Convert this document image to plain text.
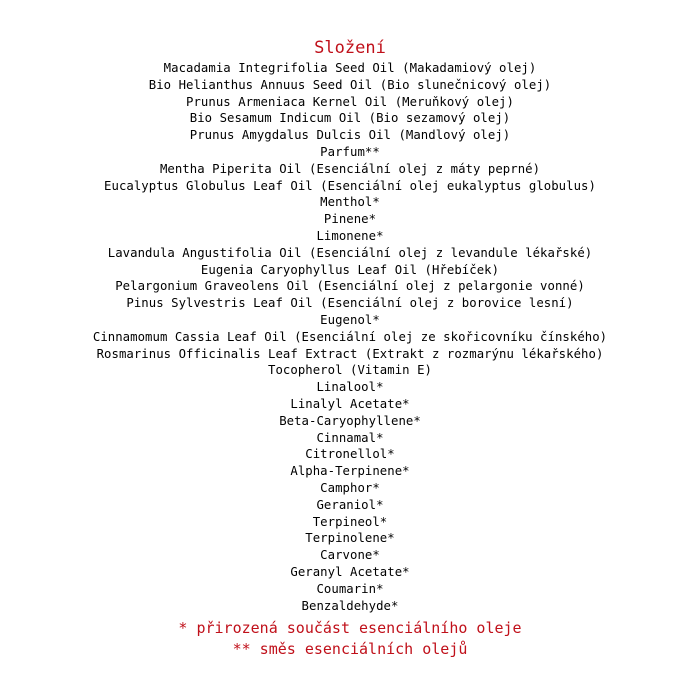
Složení
Macadamia Integrifolia Seed Oil (Makadamiový olej)
Bio Helianthus Annuus Seed Oil (Bio slunečnicový olej)
Prunus Armeniaca Kernel Oil (Meruňkový olej)
Bio Sesamum Indicum Oil (Bio sezamový olej)
Prunus Amygdalus Dulcis Oil (Mandlový olej)
Parfum**
Mentha Piperita Oil (Esenciální olej z máty peprné)
Eucalyptus Globulus Leaf Oil (Esenciální olej eukalyptus globulus)
Menthol*
Pinene*
Limonene*
Lavandula Angustifolia Oil (Esenciální olej z levandule lékařské)
Eugenia Caryophyllus Leaf Oil (Hřebíček)
Pelargonium Graveolens Oil (Esenciální olej z pelargonie vonné)
Pinus Sylvestris Leaf Oil (Esenciální olej z borovice lesní)
Eugenol*
Cinnamomum Cassia Leaf Oil (Esenciální olej ze skořicovníku čínského)
Rosmarinus Officinalis Leaf Extract (Extrakt z rozmarýnu lékařského)
Tocopherol (Vitamin E)
Linalool*
Linalyl Acetate*
Beta-Caryophyllene*
Cinnamal*
Citronellol*
Alpha-Terpinene*
Camphor*
Geraniol*
Terpineol*
Terpinolene*
Carvone*
Geranyl Acetate*
Coumarin*
Benzaldehyde*
* přirozená součást esenciálního oleje
** směs esenciálních olejů
